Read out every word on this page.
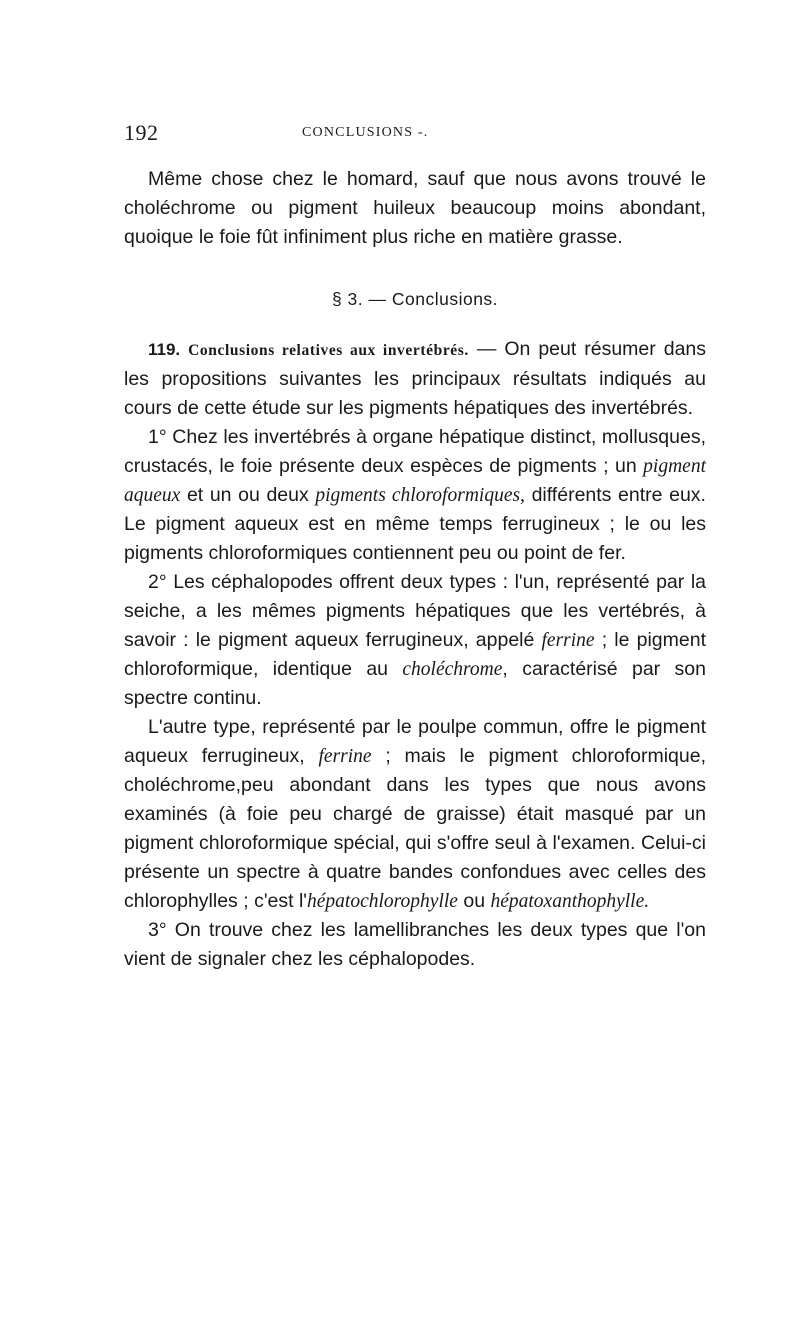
192	CONCLUSIONS -.

Même chose chez le homard, sauf que nous avons trouvé le choléchrome ou pigment huileux beaucoup moins abondant, quoique le foie fût infiniment plus riche en matière grasse.

§ 3. — Conclusions.

119. Conclusions relatives aux invertébrés. — On peut résumer dans les propositions suivantes les principaux résultats indiqués au cours de cette étude sur les pigments hépatiques des invertébrés.

1° Chez les invertébrés à organe hépatique distinct, mollusques, crustacés, le foie présente deux espèces de pigments ; un pigment aqueux et un ou deux pigments chloroformiques, différents entre eux. Le pigment aqueux est en même temps ferrugineux ; le ou les pigments chloroformiques contiennent peu ou point de fer.

2° Les céphalopodes offrent deux types : l'un, représenté par la seiche, a les mêmes pigments hépatiques que les vertébrés, à savoir : le pigment aqueux ferrugineux, appelé ferrine ; le pigment chloroformique, identique au choléchrome, caractérisé par son spectre continu.

L'autre type, représenté par le poulpe commun, offre le pigment aqueux ferrugineux, ferrine ; mais le pigment chloroformique, choléchrome,peu abondant dans les types que nous avons examinés (à foie peu chargé de graisse) était masqué par un pigment chloroformique spécial, qui s'offre seul à l'examen. Celui-ci présente un spectre à quatre bandes confondues avec celles des chlorophylles ; c'est l'hépatochlorophylle ou hépatoxanthophylle.

3° On trouve chez les lamellibranches les deux types que l'on vient de signaler chez les céphalopodes.
